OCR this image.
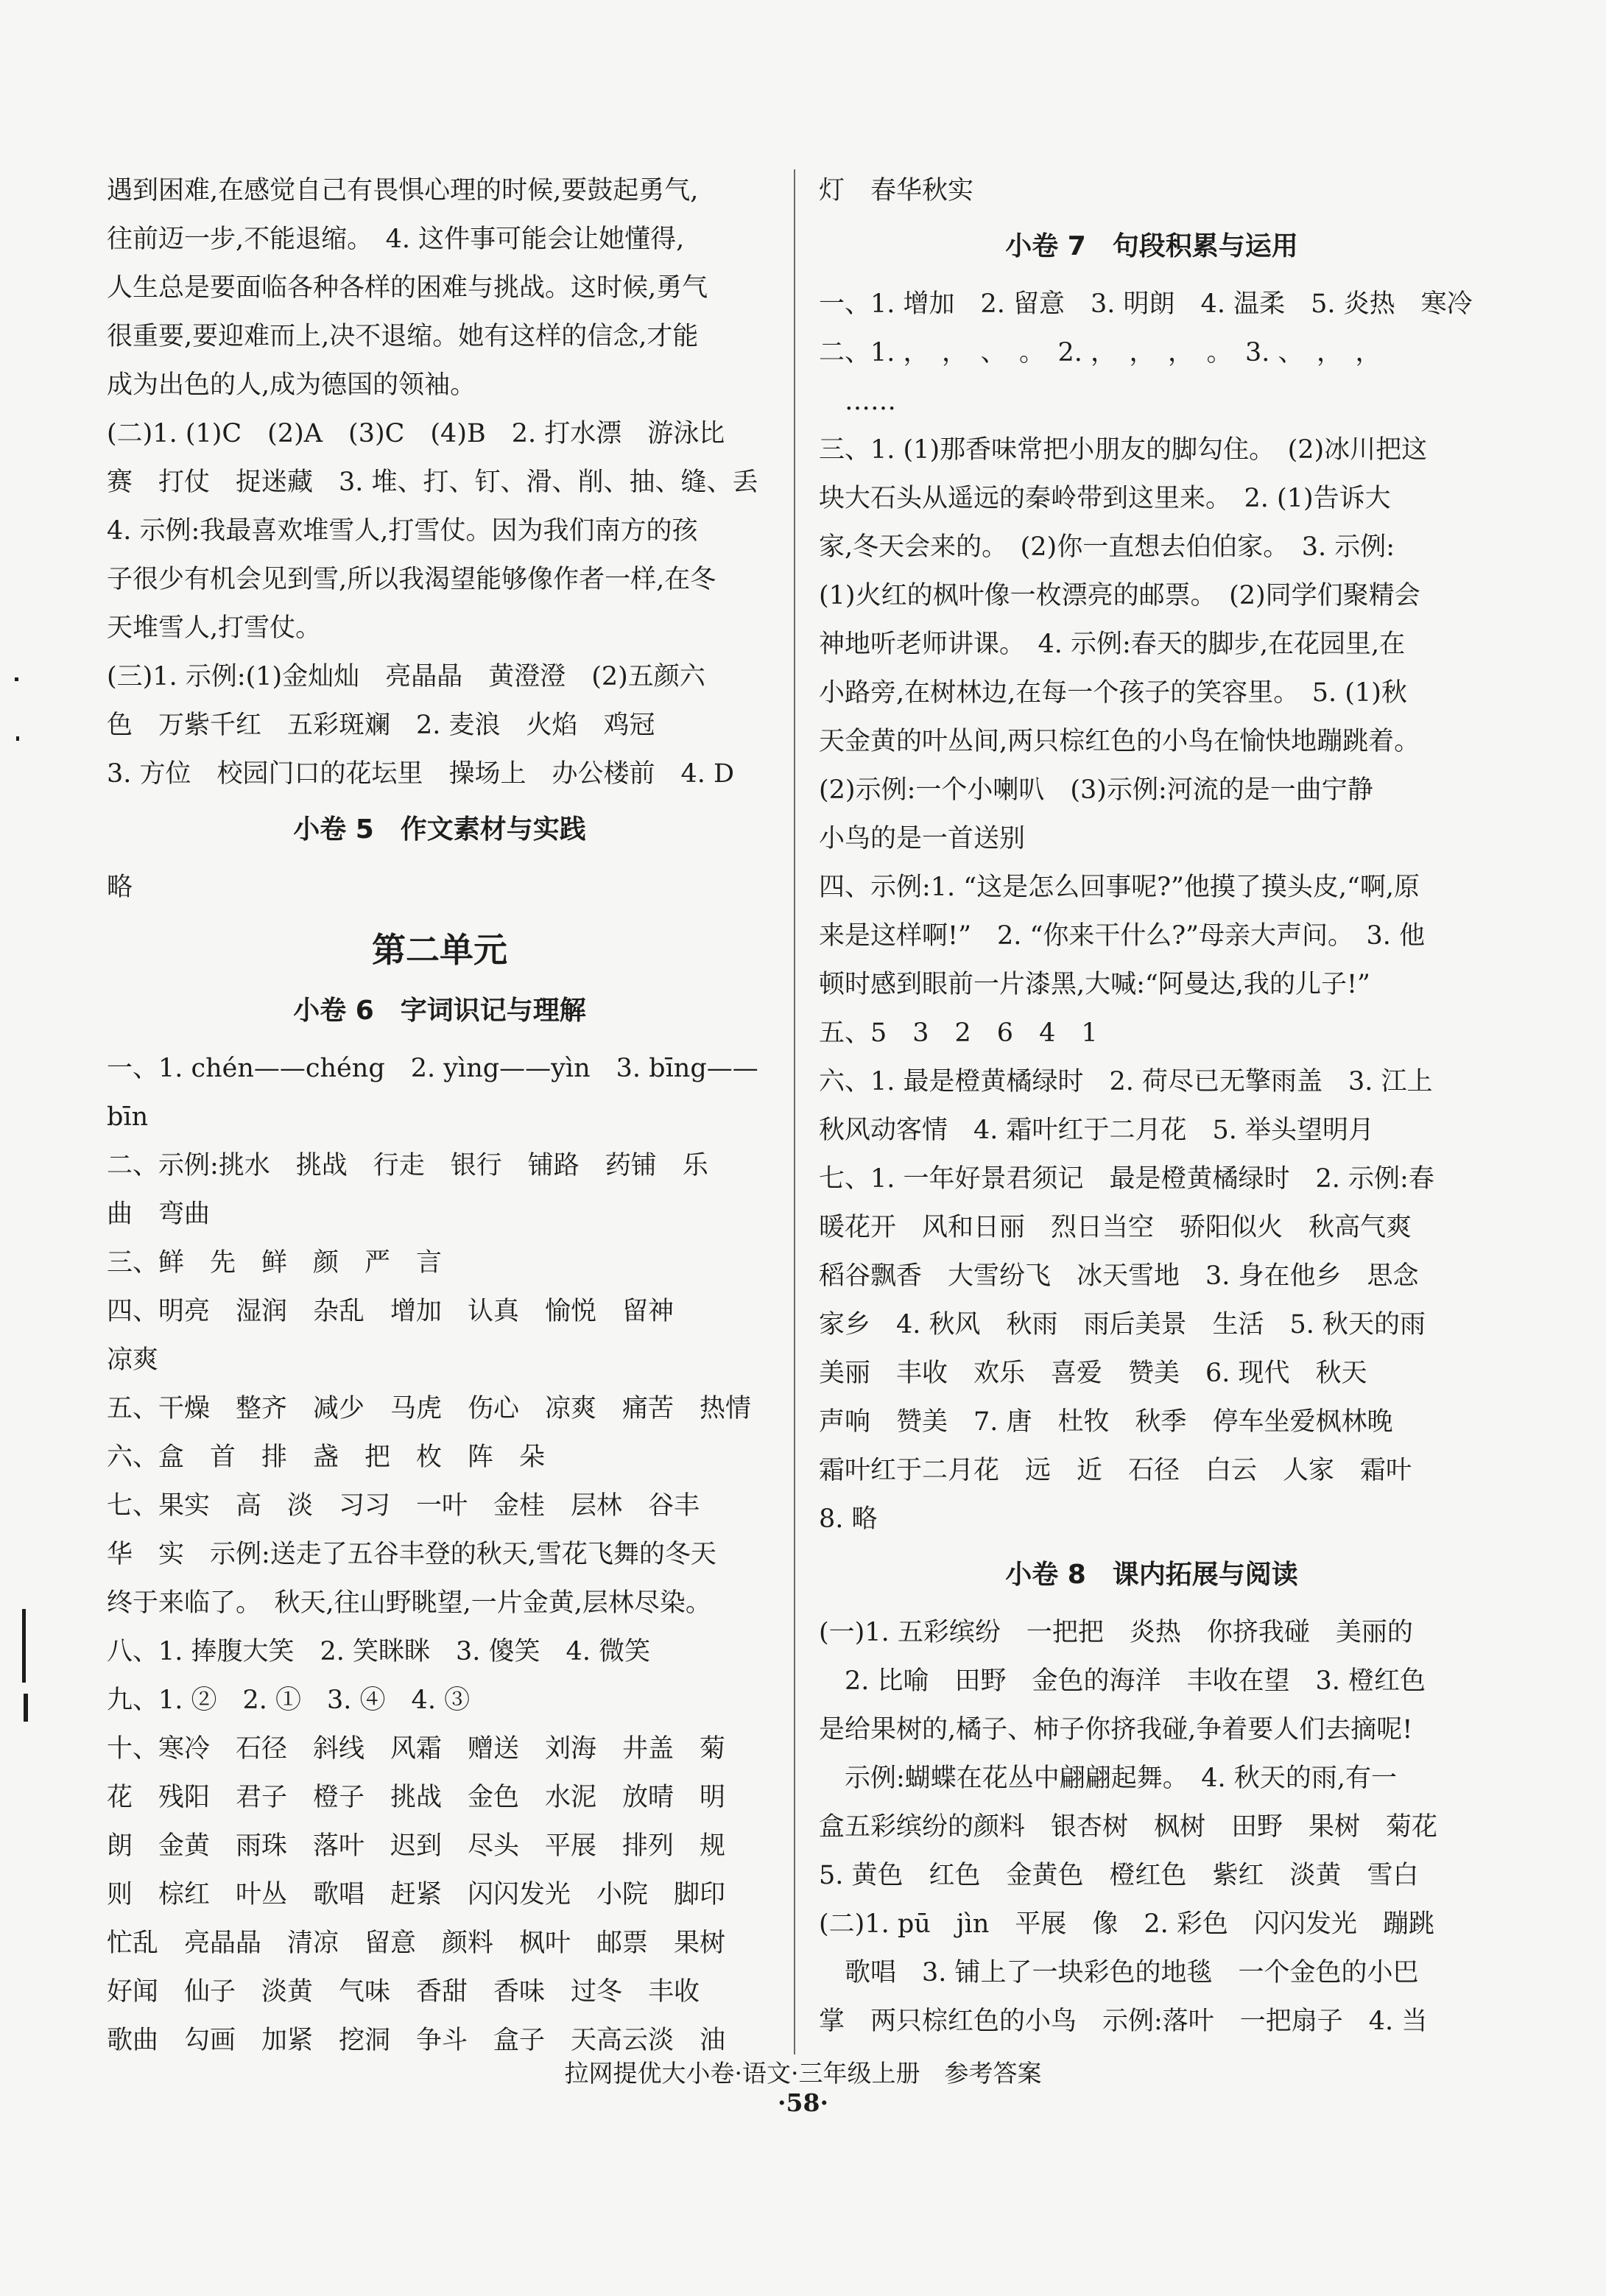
遇到困难,在感觉自己有畏惧心理的时候,要鼓起勇气,
往前迈一步,不能退缩。　4. 这件事可能会让她懂得,
人生总是要面临各种各样的困难与挑战。这时候,勇气
很重要,要迎难而上,决不退缩。她有这样的信念,才能
成为出色的人,成为德国的领袖。
(二)1. (1)C　(2)A　(3)C　(4)B　2. 打水漂　游泳比
赛　打仗　捉迷藏　3. 堆、打、钉、滑、削、抽、缝、丢
4. 示例:我最喜欢堆雪人,打雪仗。因为我们南方的孩
子很少有机会见到雪,所以我渴望能够像作者一样,在冬
天堆雪人,打雪仗。
(三)1. 示例:(1)金灿灿　亮晶晶　黄澄澄　(2)五颜六
色　万紫千红　五彩斑斓　2. 麦浪　火焰　鸡冠
3. 方位　校园门口的花坛里　操场上　办公楼前　4. D
小卷 5　作文素材与实践
略
第二单元
小卷 6　字词识记与理解
一、1. chén——chéng　2. yìng——yìn　3. bīng——
bīn
二、示例:挑水　挑战　行走　银行　铺路　药铺　乐
曲　弯曲
三、鲜　先　鲜　颜　严　言
四、明亮　湿润　杂乱　增加　认真　愉悦　留神
凉爽
五、干燥　整齐　减少　马虎　伤心　凉爽　痛苦　热情
六、盒　首　排　盏　把　枚　阵　朵
七、果实　高　淡　习习　一叶　金桂　层林　谷丰
华　实　示例:送走了五谷丰登的秋天,雪花飞舞的冬天
终于来临了。　秋天,往山野眺望,一片金黄,层林尽染。
八、1. 捧腹大笑　2. 笑眯眯　3. 傻笑　4. 微笑
九、1. ②　2. ①　3. ④　4. ③
十、寒冷　石径　斜线　风霜　赠送　刘海　井盖　菊
花　残阳　君子　橙子　挑战　金色　水泥　放晴　明
朗　金黄　雨珠　落叶　迟到　尽头　平展　排列　规
则　棕红　叶丛　歌唱　赶紧　闪闪发光　小院　脚印
忙乱　亮晶晶　清凉　留意　颜料　枫叶　邮票　果树
好闻　仙子　淡黄　气味　香甜　香味　过冬　丰收
歌曲　勾画　加紧　挖洞　争斗　盒子　天高云淡　油
灯　春华秋实
小卷 7　句段积累与运用
一、1. 增加　2. 留意　3. 明朗　4. 温柔　5. 炎热　寒冷
二、1. ，　，　、　。　2. ，　，　，　。　3. 、　，　，
　……
三、1. (1)那香味常把小朋友的脚勾住。　(2)冰川把这
块大石头从遥远的秦岭带到这里来。　2. (1)告诉大
家,冬天会来的。　(2)你一直想去伯伯家。　3. 示例:
(1)火红的枫叶像一枚漂亮的邮票。　(2)同学们聚精会
神地听老师讲课。　4. 示例:春天的脚步,在花园里,在
小路旁,在树林边,在每一个孩子的笑容里。　5. (1)秋
天金黄的叶丛间,两只棕红色的小鸟在愉快地蹦跳着。
(2)示例:一个小喇叭　(3)示例:河流的是一曲宁静
小鸟的是一首送别
四、示例:1. “这是怎么回事呢?”他摸了摸头皮,“啊,原
来是这样啊!”　2. “你来干什么?”母亲大声问。　3. 他
顿时感到眼前一片漆黑,大喊:“阿曼达,我的儿子!”
五、5　3　2　6　4　1
六、1. 最是橙黄橘绿时　2. 荷尽已无擎雨盖　3. 江上
秋风动客情　4. 霜叶红于二月花　5. 举头望明月
七、1. 一年好景君须记　最是橙黄橘绿时　2. 示例:春
暖花开　风和日丽　烈日当空　骄阳似火　秋高气爽
稻谷飘香　大雪纷飞　冰天雪地　3. 身在他乡　思念
家乡　4. 秋风　秋雨　雨后美景　生活　5. 秋天的雨
美丽　丰收　欢乐　喜爱　赞美　6. 现代　秋天
声响　赞美　7. 唐　杜牧　秋季　停车坐爱枫林晚
霜叶红于二月花　远　近　石径　白云　人家　霜叶
8. 略
小卷 8　课内拓展与阅读
(一)1. 五彩缤纷　一把把　炎热　你挤我碰　美丽的
　2. 比喻　田野　金色的海洋　丰收在望　3. 橙红色
是给果树的,橘子、柿子你挤我碰,争着要人们去摘呢!
　示例:蝴蝶在花丛中翩翩起舞。　4. 秋天的雨,有一
盒五彩缤纷的颜料　银杏树　枫树　田野　果树　菊花
5. 黄色　红色　金黄色　橙红色　紫红　淡黄　雪白
(二)1. pū　jìn　平展　像　2. 彩色　闪闪发光　蹦跳
　歌唱　3. 铺上了一块彩色的地毯　一个金色的小巴
掌　两只棕红色的小鸟　示例:落叶　一把扇子　4. 当
拉网提优大小卷·语文·三年级上册　参考答案
·58·
